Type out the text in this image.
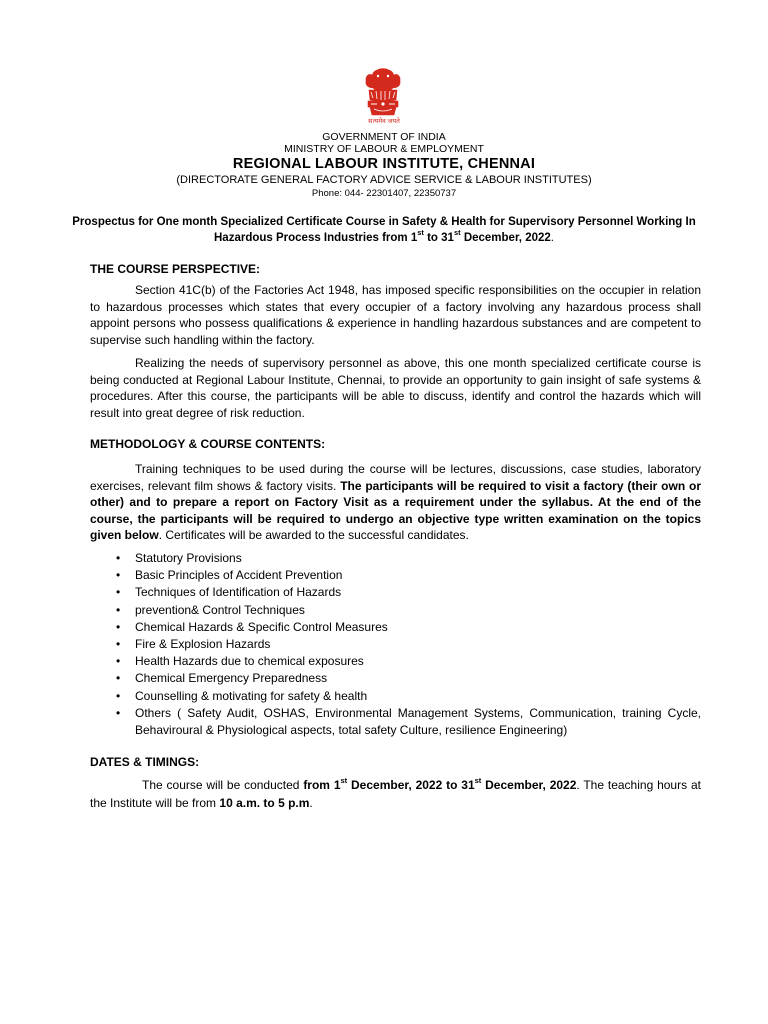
सत्यमेव जयते
GOVERNMENT OF INDIA
MINISTRY OF LABOUR & EMPLOYMENT
REGIONAL LABOUR INSTITUTE, CHENNAI
(DIRECTORATE GENERAL FACTORY ADVICE SERVICE & LABOUR INSTITUTES)
Phone: 044- 22301407, 22350737
Prospectus for One month Specialized Certificate Course in Safety & Health for Supervisory Personnel Working In Hazardous Process Industries from 1st to 31st December, 2022.
THE COURSE PERSPECTIVE:
Section 41C(b) of the Factories Act 1948, has imposed specific responsibilities on the occupier in relation to hazardous processes which states that every occupier of a factory involving any hazardous process shall appoint persons who possess qualifications & experience in handling hazardous substances and are competent to supervise such handling within the factory.
Realizing the needs of supervisory personnel as above, this one month specialized certificate course is being conducted at Regional Labour Institute, Chennai, to provide an opportunity to gain insight of safe systems & procedures. After this course, the participants will be able to discuss, identify and control the hazards which will result into great degree of risk reduction.
METHODOLOGY & COURSE CONTENTS:
Training techniques to be used during the course will be lectures, discussions, case studies, laboratory exercises, relevant film shows & factory visits. The participants will be required to visit a factory (their own or other) and to prepare a report on Factory Visit as a requirement under the syllabus. At the end of the course, the participants will be required to undergo an objective type written examination on the topics given below. Certificates will be awarded to the successful candidates.
• Statutory Provisions
• Basic Principles of Accident Prevention
• Techniques of Identification of Hazards
• prevention& Control Techniques
• Chemical Hazards & Specific Control Measures
• Fire & Explosion Hazards
• Health Hazards due to chemical exposures
• Chemical Emergency Preparedness
• Counselling & motivating for safety & health
• Others ( Safety Audit, OSHAS, Environmental Management Systems, Communication, training Cycle, Behaviroural & Physiological aspects, total safety Culture, resilience Engineering)
DATES & TIMINGS:
The course will be conducted from 1st December, 2022 to 31st December, 2022. The teaching hours at the Institute will be from 10 a.m. to 5 p.m.
